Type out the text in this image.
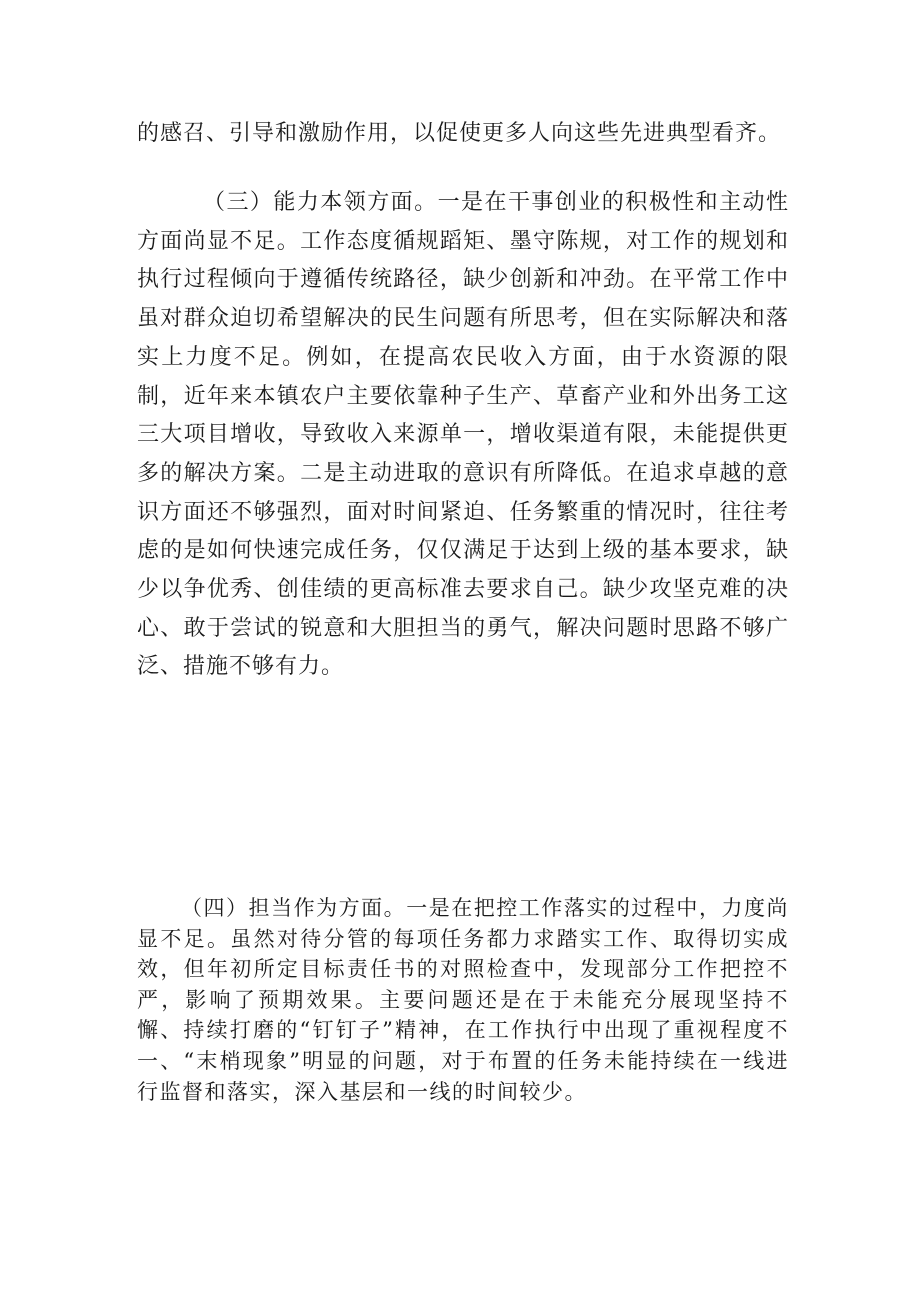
的感召、引导和激励作用，以促使更多人向这些先进典型看齐。

（三）能力本领方面。一是在干事创业的积极性和主动性方面尚显不足。工作态度循规蹈矩、墨守陈规，对工作的规划和执行过程倾向于遵循传统路径，缺少创新和冲劲。在平常工作中虽对群众迫切希望解决的民生问题有所思考，但在实际解决和落实上力度不足。例如，在提高农民收入方面，由于水资源的限制，近年来本镇农户主要依靠种子生产、草畜产业和外出务工这三大项目增收，导致收入来源单一，增收渠道有限，未能提供更多的解决方案。二是主动进取的意识有所降低。在追求卓越的意识方面还不够强烈，面对时间紧迫、任务繁重的情况时，往往考虑的是如何快速完成任务，仅仅满足于达到上级的基本要求，缺少以争优秀、创佳绩的更高标准去要求自己。缺少攻坚克难的决心、敢于尝试的锐意和大胆担当的勇气，解决问题时思路不够广泛、措施不够有力。

（四）担当作为方面。一是在把控工作落实的过程中，力度尚显不足。虽然对待分管的每项任务都力求踏实工作、取得切实成效，但年初所定目标责任书的对照检查中，发现部分工作把控不严，影响了预期效果。主要问题还是在于未能充分展现坚持不懈、持续打磨的“钉钉子”精神，在工作执行中出现了重视程度不一、“末梢现象”明显的问题，对于布置的任务未能持续在一线进行监督和落实，深入基层和一线的时间较少。
